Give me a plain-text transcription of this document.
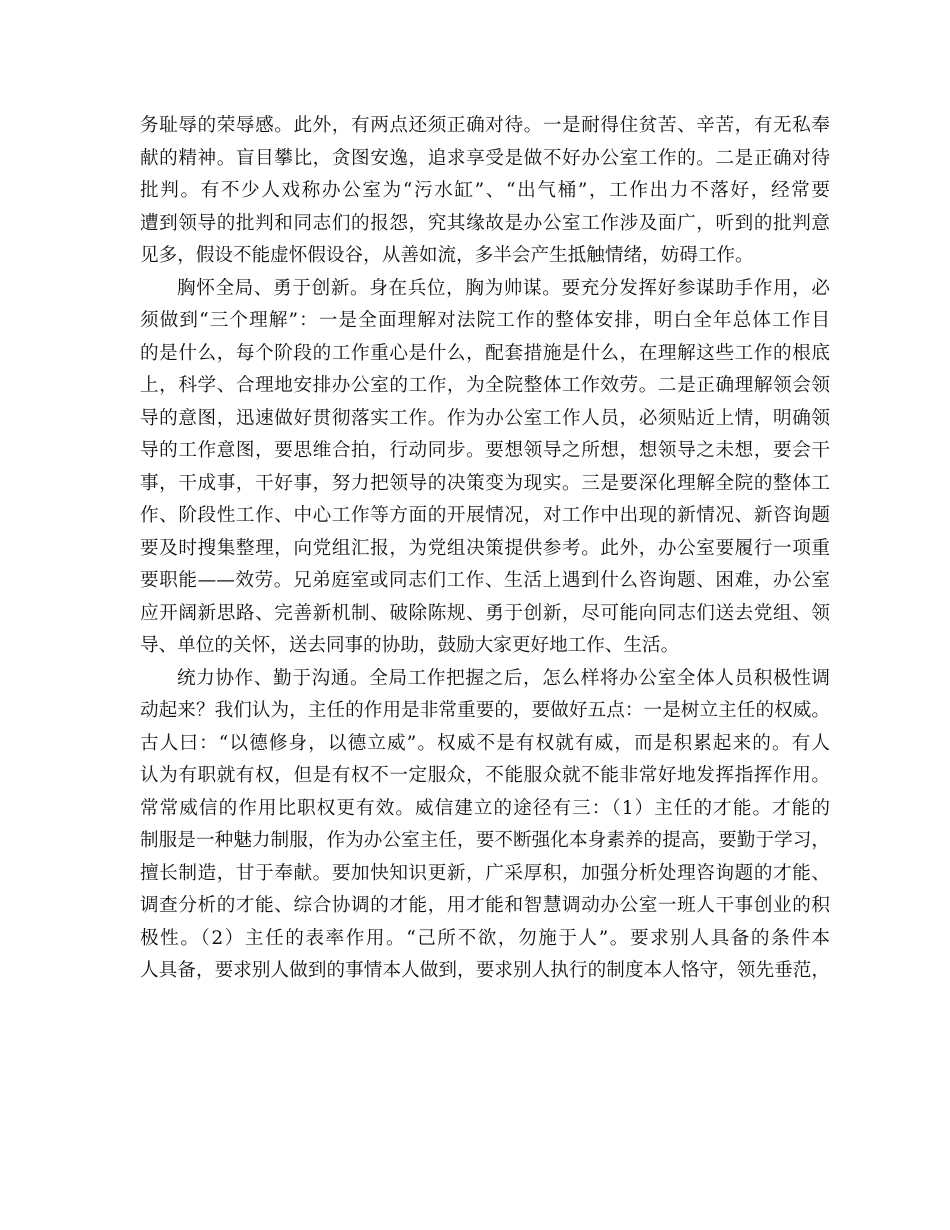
务耻辱的荣辱感。此外，有两点还须正确对待。一是耐得住贫苦、辛苦，有无私奉
献的精神。盲目攀比，贪图安逸，追求享受是做不好办公室工作的。二是正确对待
批判。有不少人戏称办公室为“污水缸”、“出气桶”，工作出力不落好，经常要
遭到领导的批判和同志们的报怨，究其缘故是办公室工作涉及面广，听到的批判意
见多，假设不能虚怀假设谷，从善如流，多半会产生抵触情绪，妨碍工作。
胸怀全局、勇于创新。身在兵位，胸为帅谋。要充分发挥好参谋助手作用，必
须做到“三个理解”：一是全面理解对法院工作的整体安排，明白全年总体工作目
的是什么，每个阶段的工作重心是什么，配套措施是什么，在理解这些工作的根底
上，科学、合理地安排办公室的工作，为全院整体工作效劳。二是正确理解领会领
导的意图，迅速做好贯彻落实工作。作为办公室工作人员，必须贴近上情，明确领
导的工作意图，要思维合拍，行动同步。要想领导之所想，想领导之未想，要会干
事，干成事，干好事，努力把领导的决策变为现实。三是要深化理解全院的整体工
作、阶段性工作、中心工作等方面的开展情况，对工作中出现的新情况、新咨询题
要及时搜集整理，向党组汇报，为党组决策提供参考。此外，办公室要履行一项重
要职能——效劳。兄弟庭室或同志们工作、生活上遇到什么咨询题、困难，办公室
应开阔新思路、完善新机制、破除陈规、勇于创新，尽可能向同志们送去党组、领
导、单位的关怀，送去同事的协助，鼓励大家更好地工作、生活。
统力协作、勤于沟通。全局工作把握之后，怎么样将办公室全体人员积极性调
动起来？我们认为，主任的作用是非常重要的，要做好五点：一是树立主任的权威。
古人曰：“以德修身，以德立威”。权威不是有权就有威，而是积累起来的。有人
认为有职就有权，但是有权不一定服众，不能服众就不能非常好地发挥指挥作用。
常常威信的作用比职权更有效。威信建立的途径有三：（1）主任的才能。才能的
制服是一种魅力制服，作为办公室主任，要不断强化本身素养的提高，要勤于学习，
擅长制造，甘于奉献。要加快知识更新，广采厚积，加强分析处理咨询题的才能、
调查分析的才能、综合协调的才能，用才能和智慧调动办公室一班人干事创业的积
极性。（2）主任的表率作用。“己所不欲，勿施于人”。要求别人具备的条件本
人具备，要求别人做到的事情本人做到，要求别人执行的制度本人恪守，领先垂范，
